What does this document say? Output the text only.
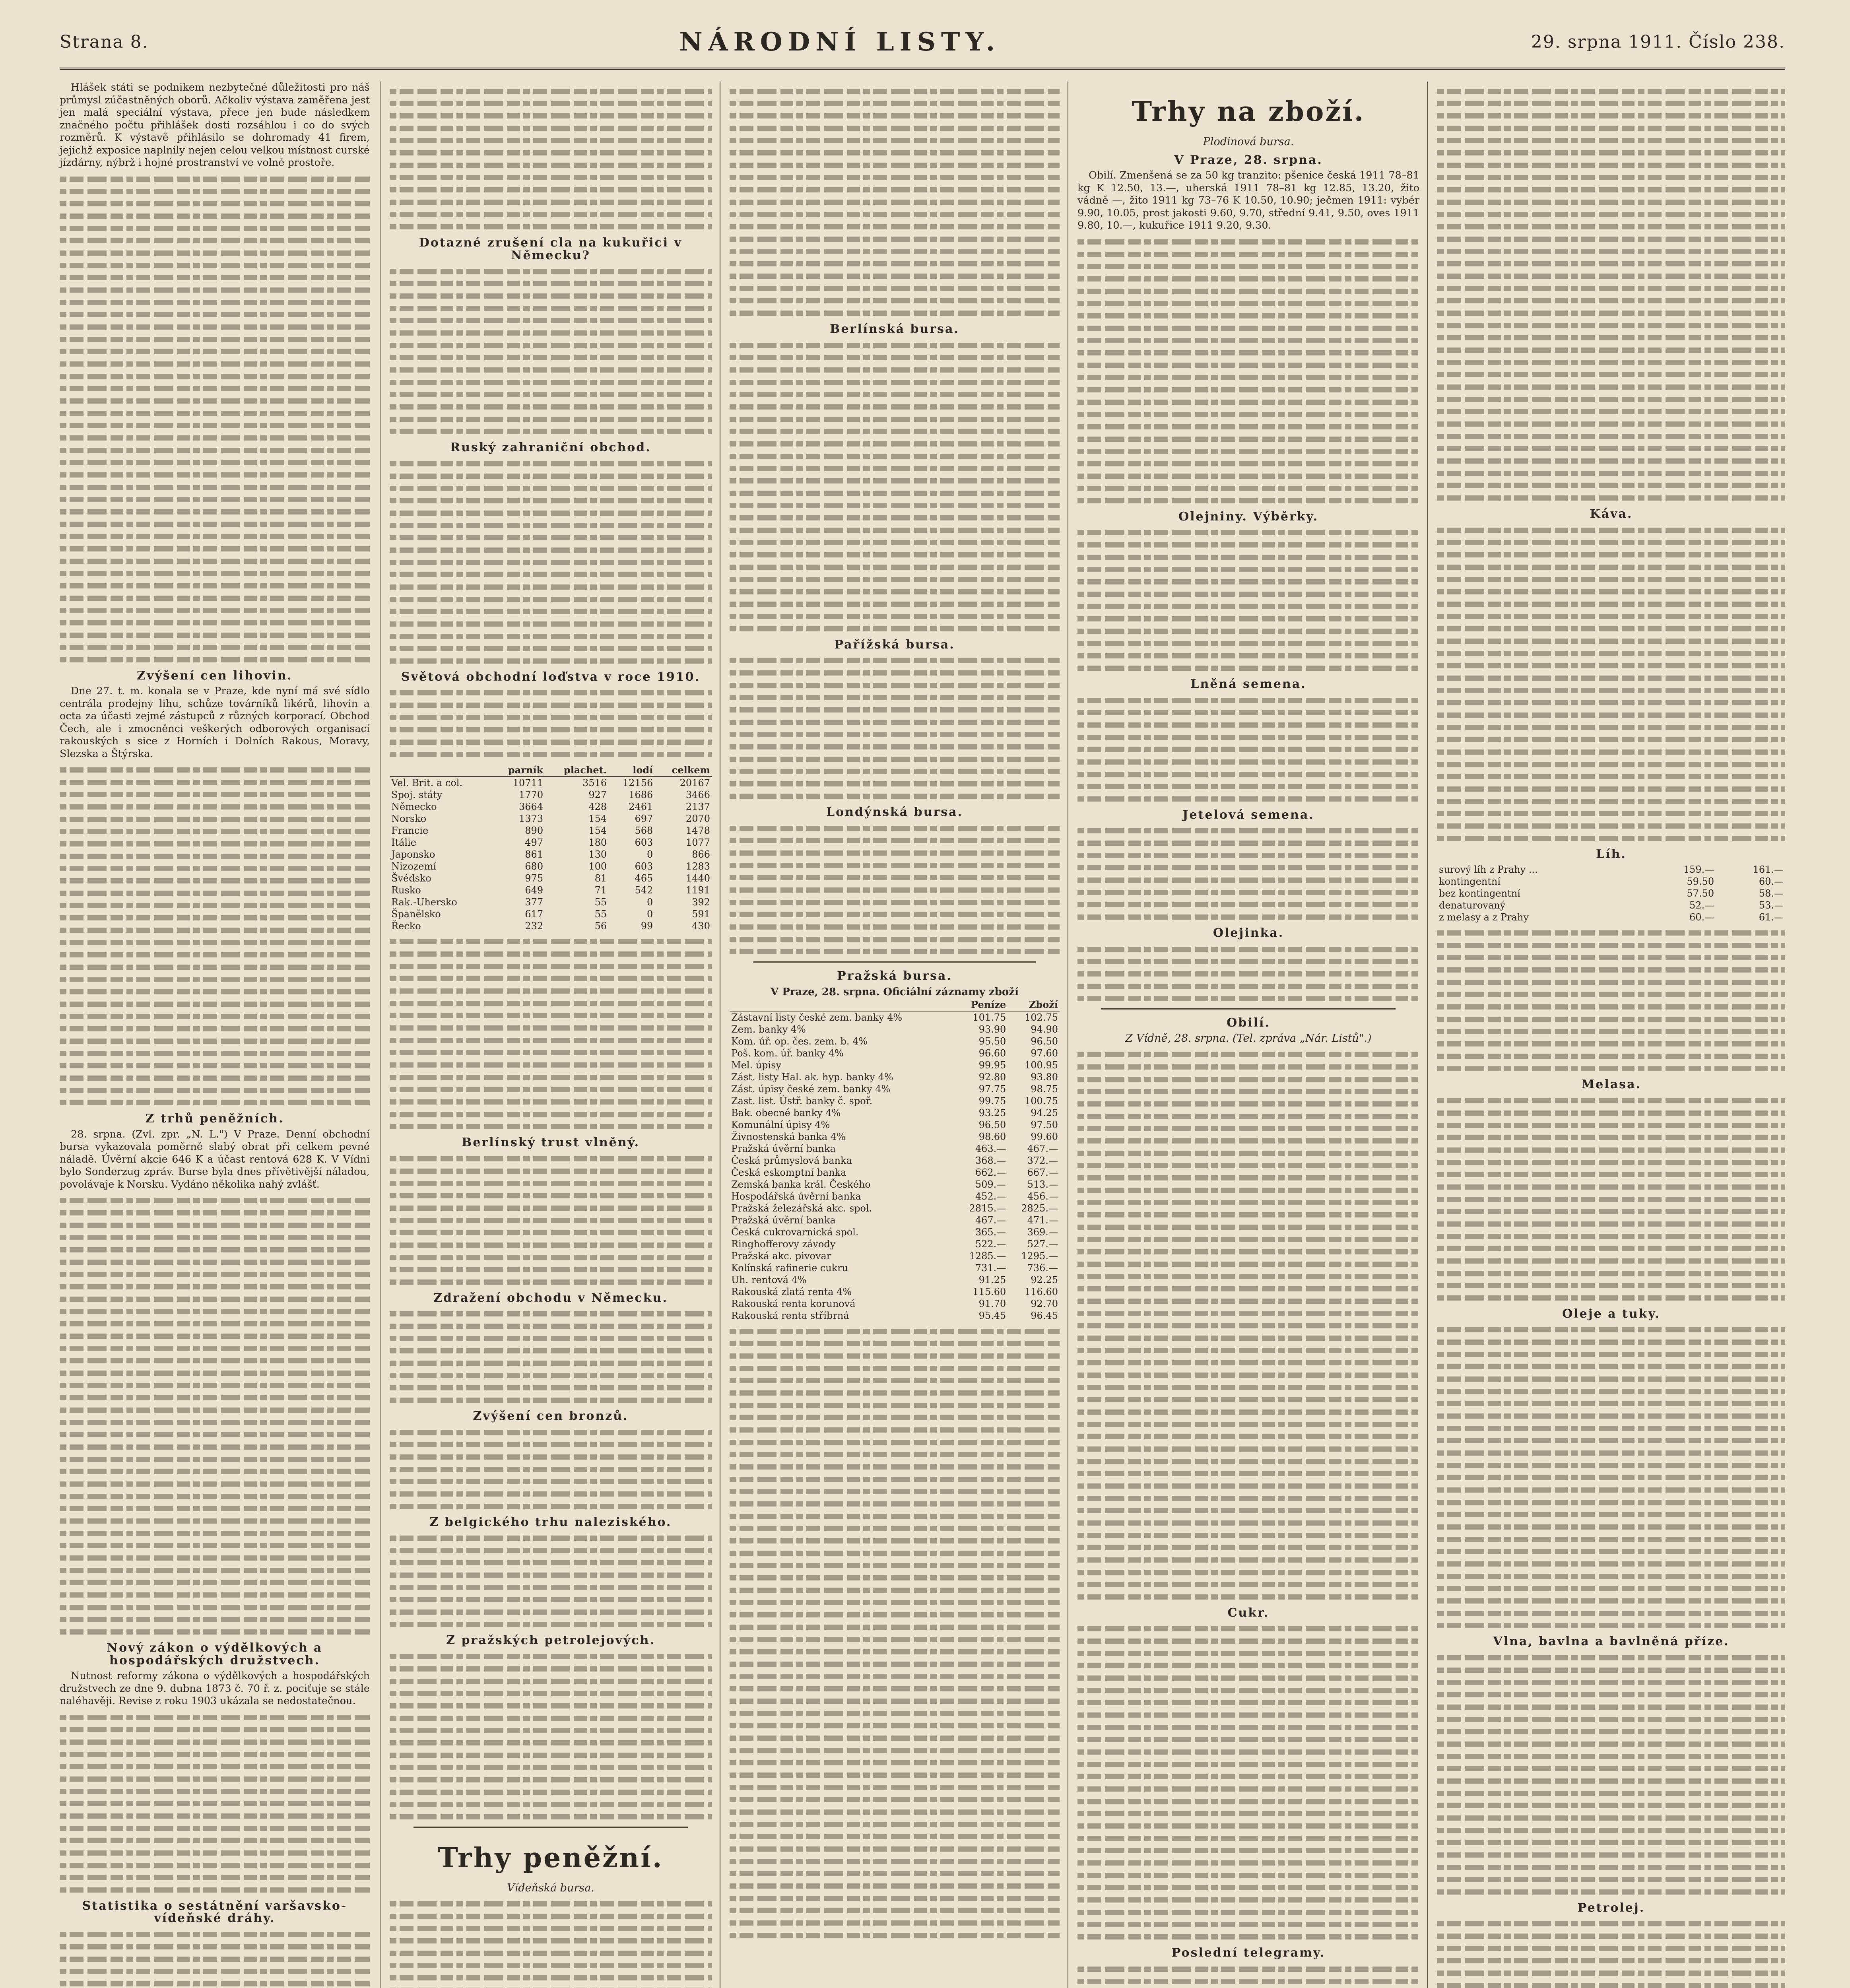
Strana 8.	NÁRODNÍ LISTY.	29. srpna 1911. Číslo 238.

Hlášek státi se podnikem nezbytečné důležitosti pro náš průmysl zúčastněných oborů. Ačkoliv výstava zaměřena jest jen malá speciální výstava, přece jen bude následkem značného počtu přihlášek dosti rozsáhlou i co do svých rozměrů. K výstavě přihlásilo se dohromady 41 firem, jejichž exposice naplnily nejen celou velkou místnost curské jízdárny, nýbrž i hojné prostranství ve volné prostoře.

Zvýšení cen lihovin.

Dne 27. t. m. konala se v Praze, kde nyní má své sídlo centrála prodejny lihu, schůze továrníků likérů, lihovin a octa za účasti zejmé zástupců z různých korporací. Obchod Čech, ale i zmocněnci veškerých odborových organisací rakouských s sice z Horních i Dolních Rakous, Moravy, Slezska a Štýrska.

Z trhů peněžních.

28. srpna. (Zvl. zpr. „N. L.") V Praze. Denní obchodní bursa vykazovala poměrně slabý obrat při celkem pevné náladě. Úvěrní akcie 646 K a účast rentová 628 K. V Vídni bylo Sonderzug zpráv. Burse byla dnes přívětivější náladou, povolávaje k Norsku. Vydáno několika nahý zvlášť.

Nový zákon o výdělkových a hospodářských družstvech.

Nutnost reformy zákona o výdělkových a hospodářských družstvech ze dne 9. dubna 1873 č. 70 ř. z. pociťuje se stále naléhavěji. Revise z roku 1903 ukázala se nedostatečnou.

Statistika o sestátnění varšavsko-vídeňské dráhy.
Dotazné zrušení cla na kukuřici v Německu?
Ruský zahraniční obchod.
Světová obchodní loďstva v roce 1910.
	parník	plachet.	lodí	celkem
Vel. Brit. a col.	10711	3516	12156	20167
Spoj. státy	1770	927	1686	3466
Německo	3664	428	2461	2137
Norsko	1373	154	697	2070
Francie	890	154	568	1478
Itálie	497	180	603	1077
Japonsko	861	130	0	866
Nizozemí	680	100	603	1283
Švédsko	975	81	465	1440
Rusko	649	71	542	1191
Rak.-Uhersko	377	55	0	392
Španělsko	617	55	0	591
Řecko	232	56	99	430
Berlínský trust vlněný.
Zdražení obchodu v Německu.
Zvýšení cen bronzů.
Z belgického trhu naleziského.
Z pražských petrolejových.
Trhy peněžní.
Vídeňská bursa.
Berlínská bursa.
Pařížská bursa.
Londýnská bursa.
Pražská bursa.
V Praze, 28. srpna. Oficiální záznamy zboží
	Peníze	Zboží
Zástavní listy české zem. banky 4%	101.75	102.75
Zem. banky 4%	93.90	94.90
Kom. úř. op. čes. zem. b. 4%	95.50	96.50
Poš. kom. úř. banky 4%	96.60	97.60
Mel. úpisy	99.95	100.95
Zást. listy Hal. ak. hyp. banky 4%	92.80	93.80
Zást. úpisy české zem. banky 4%	97.75	98.75
Zast. list. Ústř. banky č. spoř.	99.75	100.75
Bak. obecné banky 4%	93.25	94.25
Komunální úpisy 4%	96.50	97.50
Živnostenská banka 4%	98.60	99.60
Pražská úvěrní banka	463.—	467.—
Česká průmyslová banka	368.—	372.—
Česká eskomptní banka	662.—	667.—
Zemská banka král. Českého	509.—	513.—
Hospodářská úvěrní banka	452.—	456.—
Pražská železářská akc. spol.	2815.—	2825.—
Pražská úvěrní banka	467.—	471.—
Česká cukrovarnická spol.	365.—	369.—
Ringhofferovy závody	522.—	527.—
Pražská akc. pivovar	1285.—	1295.—
Kolínská rafinerie cukru	731.—	736.—
Uh. rentová 4%	91.25	92.25
Rakouská zlatá renta 4%	115.60	116.60
Rakouská renta korunová	91.70	92.70
Rakouská renta stříbrná	95.45	96.45
Trhy na zboží.
Plodinová bursa.
V Praze, 28. srpna.

Obilí. Zmenšená se za 50 kg tranzito: pšenice česká 1911 78–81 kg K 12.50, 13.—, uherská 1911 78–81 kg 12.85, 13.20, žito vádně —, žito 1911 kg 73–76 K 10.50, 10.90; ječmen 1911: vybér 9.90, 10.05, prost jakosti 9.60, 9.70, střední 9.41, 9.50, oves 1911 9.80, 10.—, kukuřice 1911 9.20, 9.30.

Olejniny. Výběrky.
Lněná semena.
Jetelová semena.
Olejinka.
Obilí.
Z Vídně, 28. srpna. (Tel. zpráva „Nár. Listů".)
Cukr.
Poslední telegramy.
Káva.
Líh.
surový líh z Prahy ...	159.—	161.—
kontingentní	59.50	60.—
bez kontingentní	57.50	58.—
denaturovaný	52.—	53.—
z melasy a z Prahy	60.—	61.—
Melasa.
Oleje a tuky.
Vlna, bavlna a bavlněná příze.
Petrolej.
